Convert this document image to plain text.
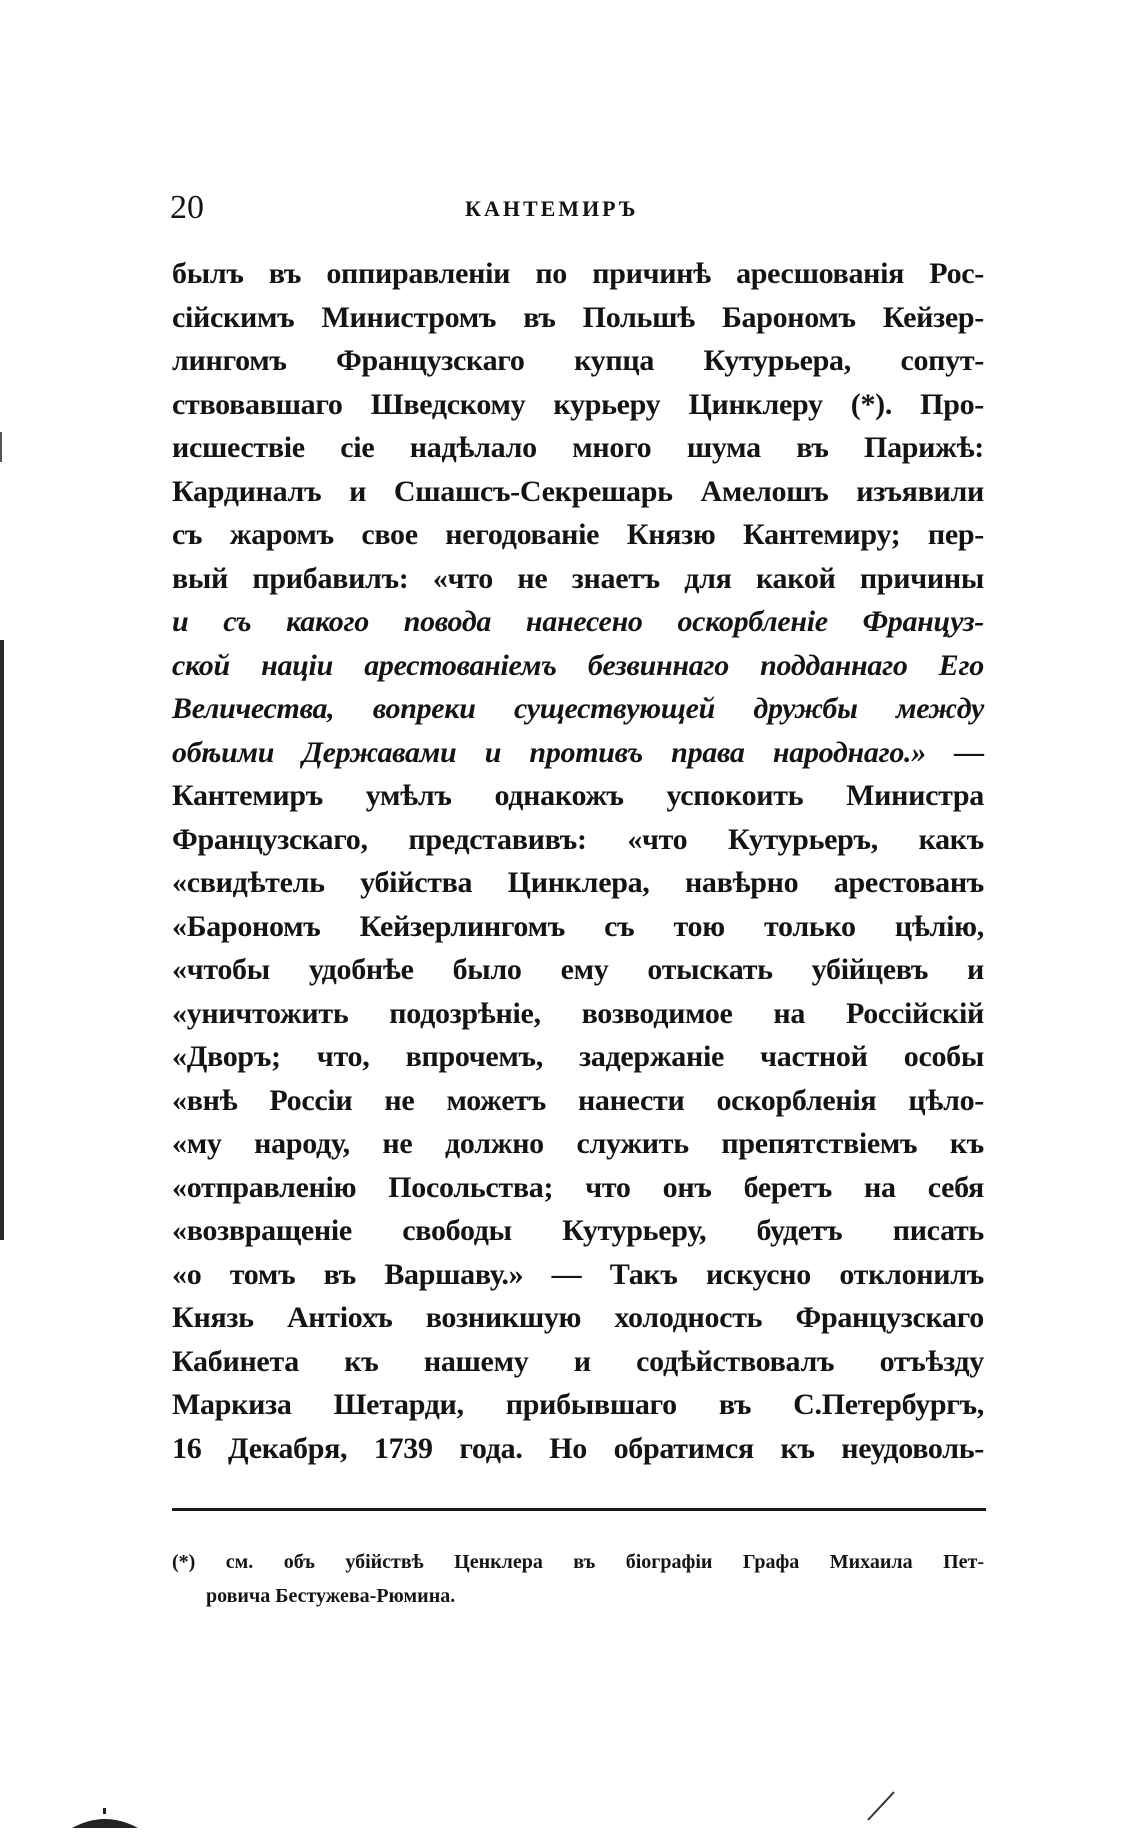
20	КАНТЕМИРЪ
былъ въ оппиравленіи по причинѣ аресшованія Рос-
сійскимъ Министромъ въ Польшѣ Барономъ Кейзер-
лингомъ Французскаго купца Кутурьера, сопут-
ствовавшаго Шведскому курьеру Цинклеру (*). Про-
исшествіе сіе надѣлало много шума въ Парижѣ:
Кардиналъ и Сшашсъ-Секрешарь Амелошъ изъявили
съ жаромъ свое негодованіе Князю Кантемиру; пер-
вый прибавилъ: «что не знаетъ для какой причины
и съ какого повода нанесено оскорбленіе Француз-
ской націи арестованіемъ безвиннаго подданнаго Его
Величества, вопреки существующей дружбы между
обѣими Державами и противъ права народнаго.» —
Кантемиръ умѣлъ однакожъ успокоить Министра
Французскаго, представивъ: «что Кутурьеръ, какъ
«свидѣтель убійства Цинклера, навѣрно арестованъ
«Барономъ Кейзерлингомъ съ тою только цѣлію,
«чтобы удобнѣе было ему отыскать убійцевъ и
«уничтожить подозрѣніе, возводимое на Россійскій
«Дворъ; что, впрочемъ, задержаніе частной особы
«внѣ Россіи не можетъ нанести оскорбленія цѣло-
«му народу, не должно служить препятствіемъ къ
«отправленію Посольства; что онъ беретъ на себя
«возвращеніе свободы Кутурьеру, будетъ писать
«о томъ въ Варшаву.» — Такъ искусно отклонилъ
Князь Антіохъ возникшую холодность Французскаго
Кабинета къ нашему и содѣйствовалъ отъѣзду
Маркиза Шетарди, прибывшаго въ С.Петербургъ,
16 Декабря, 1739 года. Но обратимся къ неудоволь-
(*) см. объ убійствѣ Ценклера въ біографіи Графа Михаила Пет-
ровича Бестужева-Рюмина.
